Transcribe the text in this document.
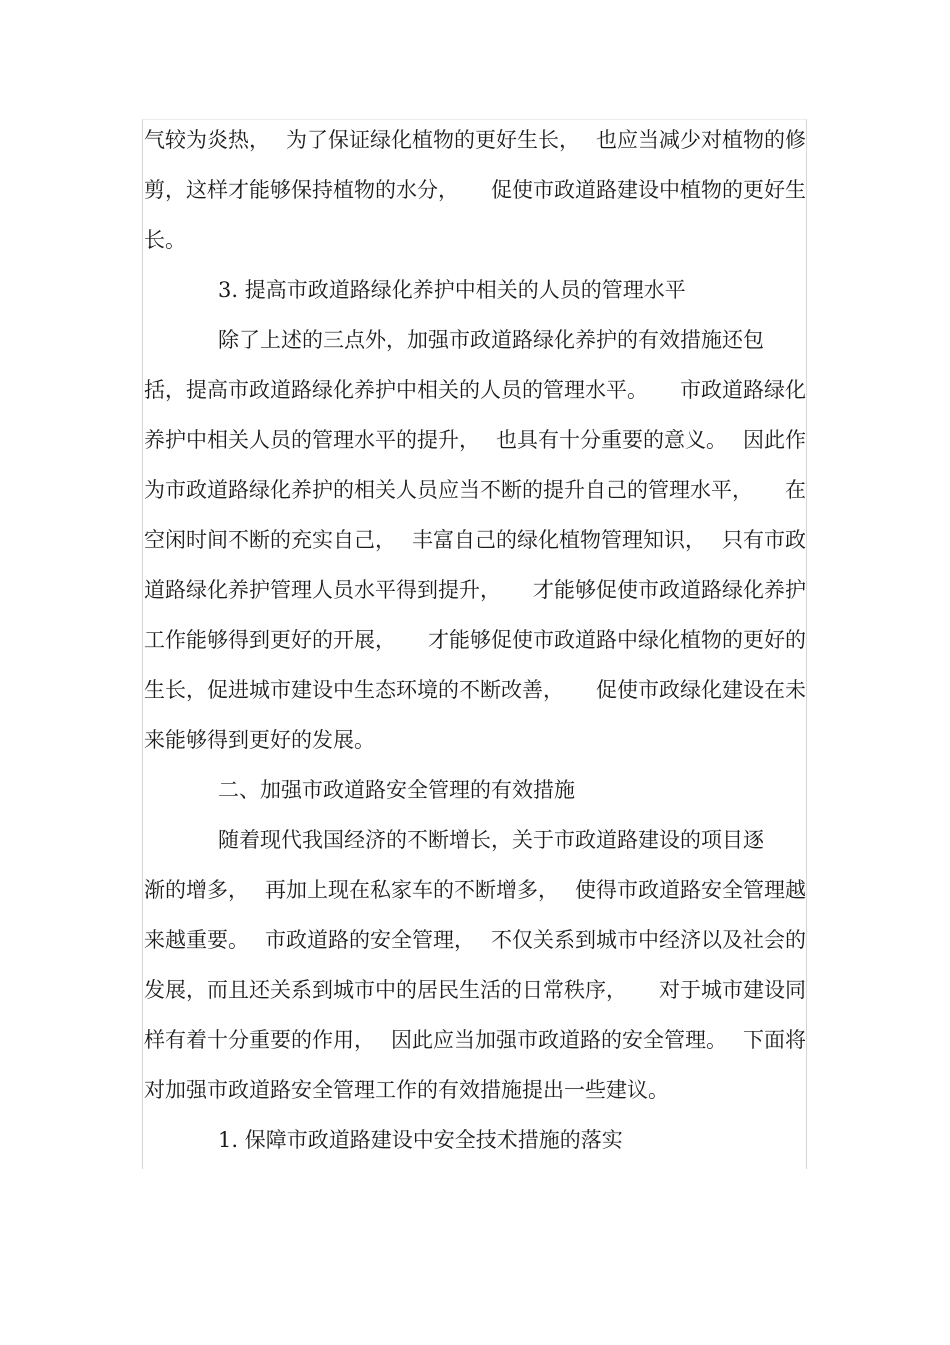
气较为炎热， 为了保证绿化植物的更好生长， 也应当减少对植物的修
剪，这样才能够保持植物的水分， 促使市政道路建设中植物的更好生
长。
3. 提高市政道路绿化养护中相关的人员的管理水平
除了上述的三点外，加强市政道路绿化养护的有效措施还包
括，提高市政道路绿化养护中相关的人员的管理水平。 市政道路绿化
养护中相关人员的管理水平的提升， 也具有十分重要的意义。 因此作
为市政道路绿化养护的相关人员应当不断的提升自己的管理水平， 在
空闲时间不断的充实自己， 丰富自己的绿化植物管理知识， 只有市政
道路绿化养护管理人员水平得到提升， 才能够促使市政道路绿化养护
工作能够得到更好的开展， 才能够促使市政道路中绿化植物的更好的
生长，促进城市建设中生态环境的不断改善， 促使市政绿化建设在未
来能够得到更好的发展。
二、加强市政道路安全管理的有效措施
随着现代我国经济的不断增长，关于市政道路建设的项目逐
渐的增多， 再加上现在私家车的不断增多， 使得市政道路安全管理越
来越重要。 市政道路的安全管理， 不仅关系到城市中经济以及社会的
发展，而且还关系到城市中的居民生活的日常秩序， 对于城市建设同
样有着十分重要的作用， 因此应当加强市政道路的安全管理。 下面将
对加强市政道路安全管理工作的有效措施提出一些建议。
1. 保障市政道路建设中安全技术措施的落实
